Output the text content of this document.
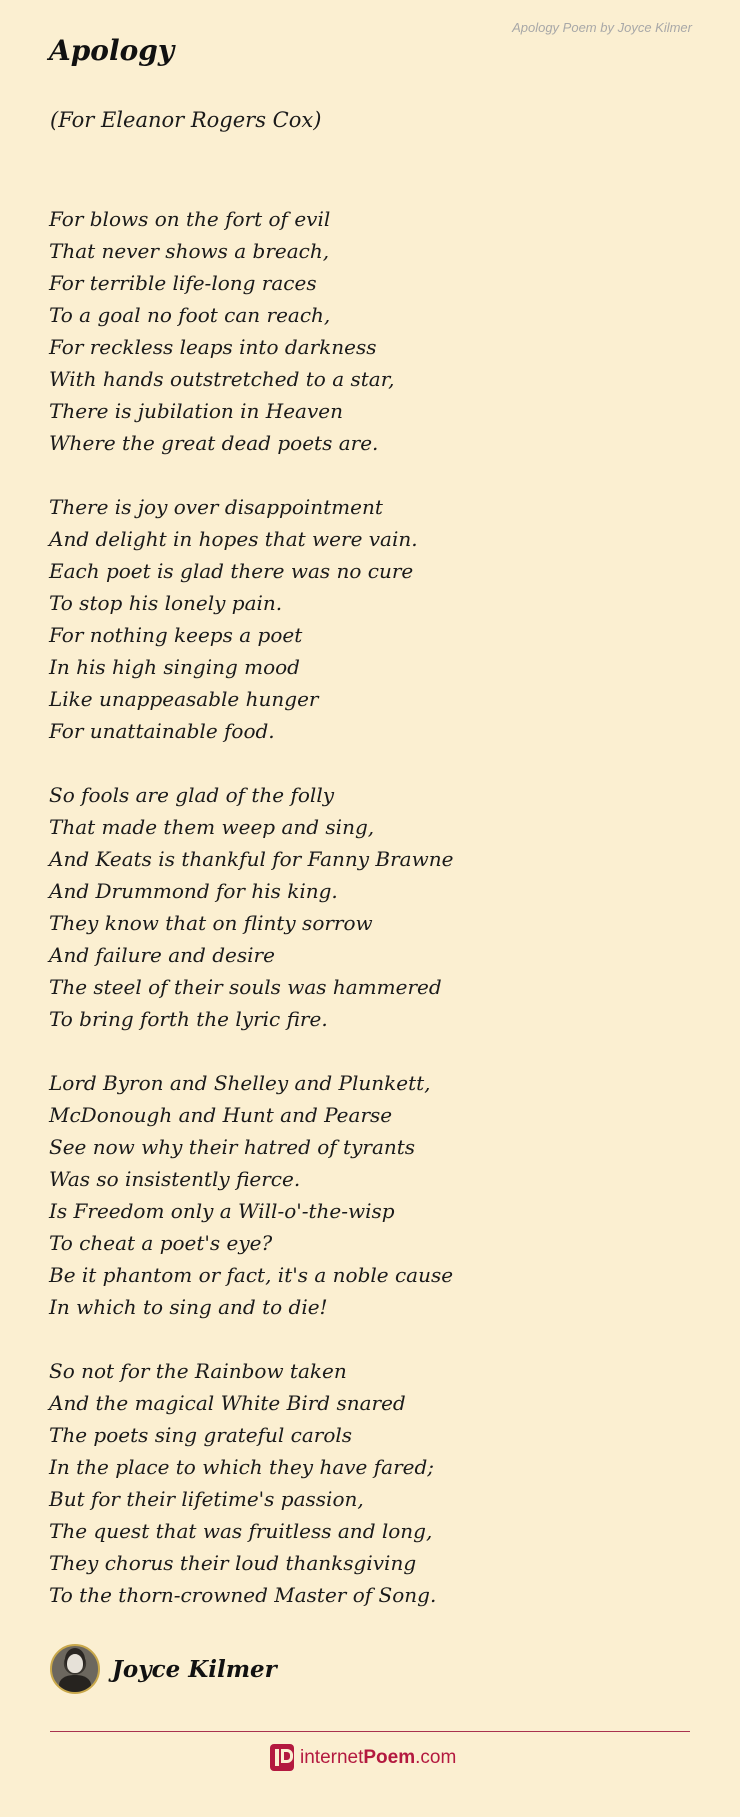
Apology Poem by Joyce Kilmer
Apology
(For Eleanor Rogers Cox)
For blows on the fort of evil
That never shows a breach,
For terrible life-long races
To a goal no foot can reach,
For reckless leaps into darkness
With hands outstretched to a star,
There is jubilation in Heaven
Where the great dead poets are.
There is joy over disappointment
And delight in hopes that were vain.
Each poet is glad there was no cure
To stop his lonely pain.
For nothing keeps a poet
In his high singing mood
Like unappeasable hunger
For unattainable food.
So fools are glad of the folly
That made them weep and sing,
And Keats is thankful for Fanny Brawne
And Drummond for his king.
They know that on flinty sorrow
And failure and desire
The steel of their souls was hammered
To bring forth the lyric fire.
Lord Byron and Shelley and Plunkett,
McDonough and Hunt and Pearse
See now why their hatred of tyrants
Was so insistently fierce.
Is Freedom only a Will-o'-the-wisp
To cheat a poet's eye?
Be it phantom or fact, it's a noble cause
In which to sing and to die!
So not for the Rainbow taken
And the magical White Bird snared
The poets sing grateful carols
In the place to which they have fared;
But for their lifetime's passion,
The quest that was fruitless and long,
They chorus their loud thanksgiving
To the thorn-crowned Master of Song.
Joyce Kilmer
internetPoem.com
